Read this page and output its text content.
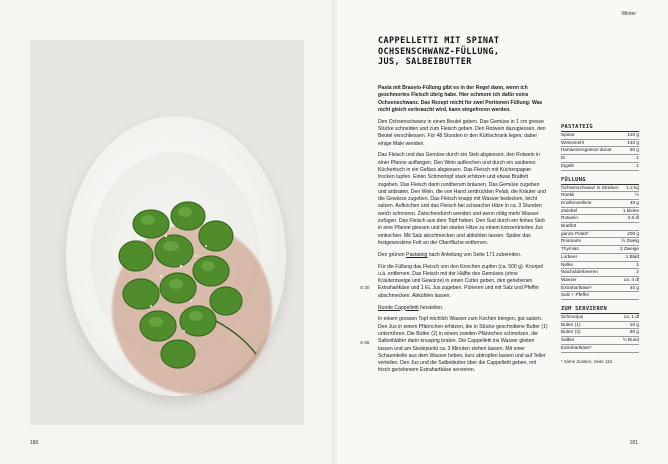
Winter
180	181
CAPPELLETTI MIT SPINAT
OCHSENSCHWANZ-FÜLLUNG,
JUS, SALBEIBUTTER

Pasta mit Braseto-Füllung gibt es in der Regel dann, wenn ich geschmortes Fleisch übrig habe. Hier schmore ich dafür extra Ochsenschwanz. Das Rezept reicht für zwei Portionen Füllung: Was nicht gleich verbraucht wird, kann eingefroren werden.

Den Ochsenschwanz in einen Beutel geben. Das Gemüse in 1 cm grosse Stücke schneiden und zum Fleisch geben. Den Rotwein dazugiessen, den Beutel verschliessen. Für 48 Stunden in den Kühlschrank legen, dabei einige Male wenden.

Das Fleisch und das Gemüse durch ein Sieb abgiessen, den Rotwein in einer Pfanne auffangen. Den Wein aufkochen und durch ein sauberes Küchentuch in ein Gefäss abgiessen. Das Fleisch mit Küchenpapier trocken tupfen. Einen Schmortopf stark erhitzen und etwas Bratfett zugeben. Das Fleisch darin rundherum bräunen. Das Gemüse zugeben und anbraten. Den Wein, die von Hand zerdrückten Pelati, die Kräuter und die Gewürze zugeben. Das Fleisch knapp mit Wasser bedecken, leicht salzen. Aufkochen und das Fleisch bei schwacher Hitze in ca. 3 Stunden weich schmoren. Zwischendurch wenden und wenn nötig mehr Wasser zufügen. Das Fleisch aus dem Topf heben. Den Sud durch ein feines Sieb in eine Pfanne giessen und bei starker Hitze zu einem konzentrierten Jus einkochen. Mit Salz abschmecken und abkühlen lassen. Später das festgewordene Fett an der Oberfläche entfernen.

Den grünen Pastateig nach Anleitung von Seite 171 zubereiten.

Für die Füllung das Fleisch von den Knochen zupfen (ca. 500 g). Knorpel u.ä. entfernen. Das Fleisch mit der Hälfte des Gemüses (ohne Kräuterzweige und Gewürze) in einen Cutter geben, den geriebenen Extrahartkäse und 1 EL Jus zugeben. Pürieren und mit Salz und Pfeffer abschmecken. Abkühlen lassen.

Runde Cappelletti herstellen.

In einem grossen Topf reichlich Wasser zum Kochen bringen, gut salzen. Den Jus in einem Pfännchen erhitzen, die in Stücke geschnittene Butter (1) unterrühren. Die Butter (2) in einem zweiten Pfännchen schmelzen, die Salbeiblätter darin knusprig braten. Die Cappelletti ins Wasser gleiten lassen und am Siedepunkt ca. 3 Minuten ziehen lassen. Mit einer Schaumkelle aus dem Wasser heben, kurz abtropfen lassen und auf Teller verteilen. Den Jus und die Salbeibutter über die Cappelletti geben, mit frisch geriebenem Extrahartkäse servieren.

S 20
S 66
PASTATEIG
Spinat	120 g
Weissmehl	140 g
Hartweizengriess/-dunst	60 g
Ei	1
Eigelb	1
FÜLLUNG
Ochsenschwanz in Stücken 1.2 kg
Rüebli	½
Knollensellerie	40 g
Zwiebel	1 kleine
Rotwein	3.5 dl
Bratfett
ganze Pelati*	200 g
Rosmarin	½ Zweig
Thymian	2 Zweige
Lorbeer	1 Blatt
Nelke	1
Wacholderbeeren	2
Wasser	ca. 4 dl
Extrahartkäse*	40 g
Salz + Pfeffer
ZUM SERVIEREN
Schmorjus	ca. 1 dl
Butter (1)	20 g
Butter (2)	80 g
Salbei	½ Bund
Extrahartkäse*
* Siehe Zutaten, Seite 115.
